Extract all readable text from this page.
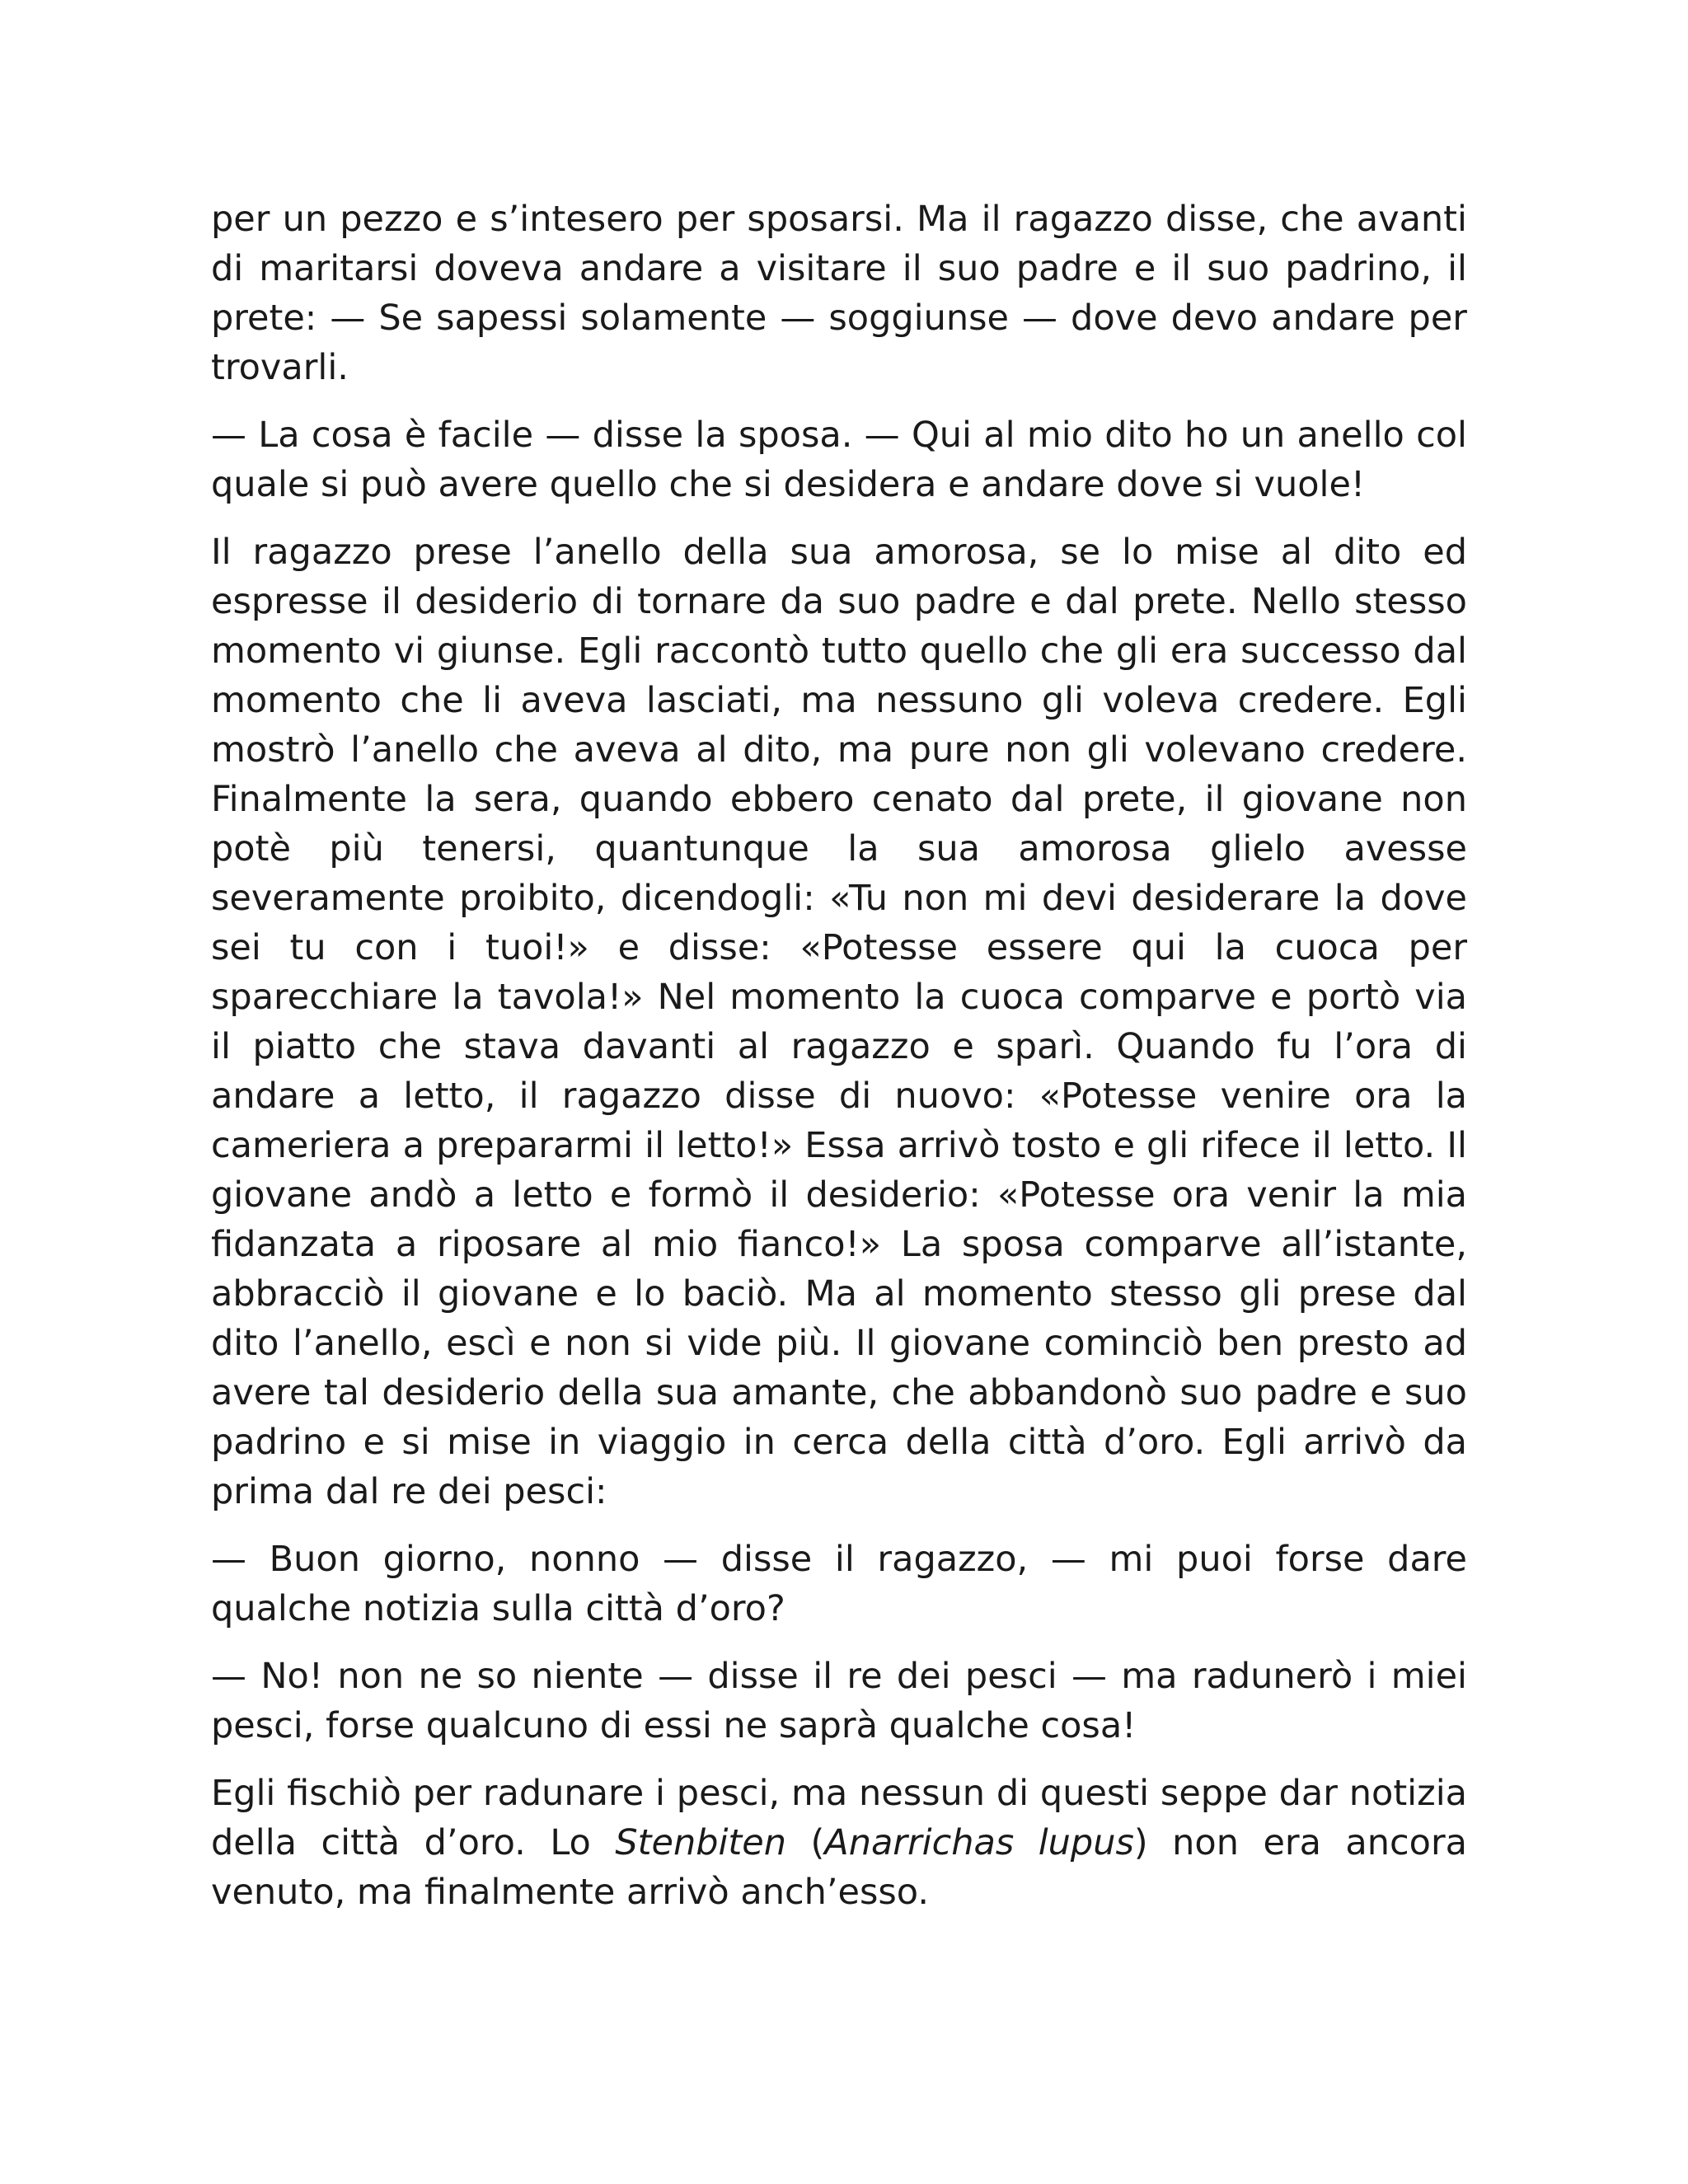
per un pezzo e s’intesero per sposarsi. Ma il ragazzo disse, che avanti di maritarsi doveva andare a visitare il suo padre e il suo padrino, il prete: — Se sapessi solamente — soggiunse — dove devo andare per trovarli.

— La cosa è facile — disse la sposa. — Qui al mio dito ho un anello col quale si può avere quello che si desidera e andare dove si vuole!

Il ragazzo prese l’anello della sua amorosa, se lo mise al dito ed espresse il desiderio di tornare da suo padre e dal prete. Nello stesso momento vi giunse. Egli raccontò tutto quello che gli era successo dal momento che li aveva lasciati, ma nessuno gli voleva credere. Egli mostrò l’anello che aveva al dito, ma pure non gli volevano credere. Finalmente la sera, quando ebbero cenato dal prete, il giovane non potè più tenersi, quantunque la sua amorosa glielo avesse severamente proibito, dicendogli: «Tu non mi devi desiderare la dove sei tu con i tuoi!» e disse: «Potesse essere qui la cuoca per sparecchiare la tavola!» Nel momento la cuoca comparve e portò via il piatto che stava davanti al ragazzo e sparì. Quando fu l’ora di andare a letto, il ragazzo disse di nuovo: «Potesse venire ora la cameriera a prepararmi il letto!» Essa arrivò tosto e gli rifece il letto. Il giovane andò a letto e formò il desiderio: «Potesse ora venir la mia fidanzata a riposare al mio fianco!» La sposa comparve all’istante, abbracciò il giovane e lo baciò. Ma al momento stesso gli prese dal dito l’anello, escì e non si vide più. Il giovane cominciò ben presto ad avere tal desiderio della sua amante, che abbandonò suo padre e suo padrino e si mise in viaggio in cerca della città d’oro. Egli arrivò da prima dal re dei pesci:

— Buon giorno, nonno — disse il ragazzo, — mi puoi forse dare qualche notizia sulla città d’oro?

— No! non ne so niente — disse il re dei pesci — ma radunerò i miei pesci, forse qualcuno di essi ne saprà qualche cosa!

Egli fischiò per radunare i pesci, ma nessun di questi seppe dar notizia della città d’oro. Lo Stenbiten (Anarrichas lupus) non era ancora venuto, ma finalmente arrivò anch’esso.
